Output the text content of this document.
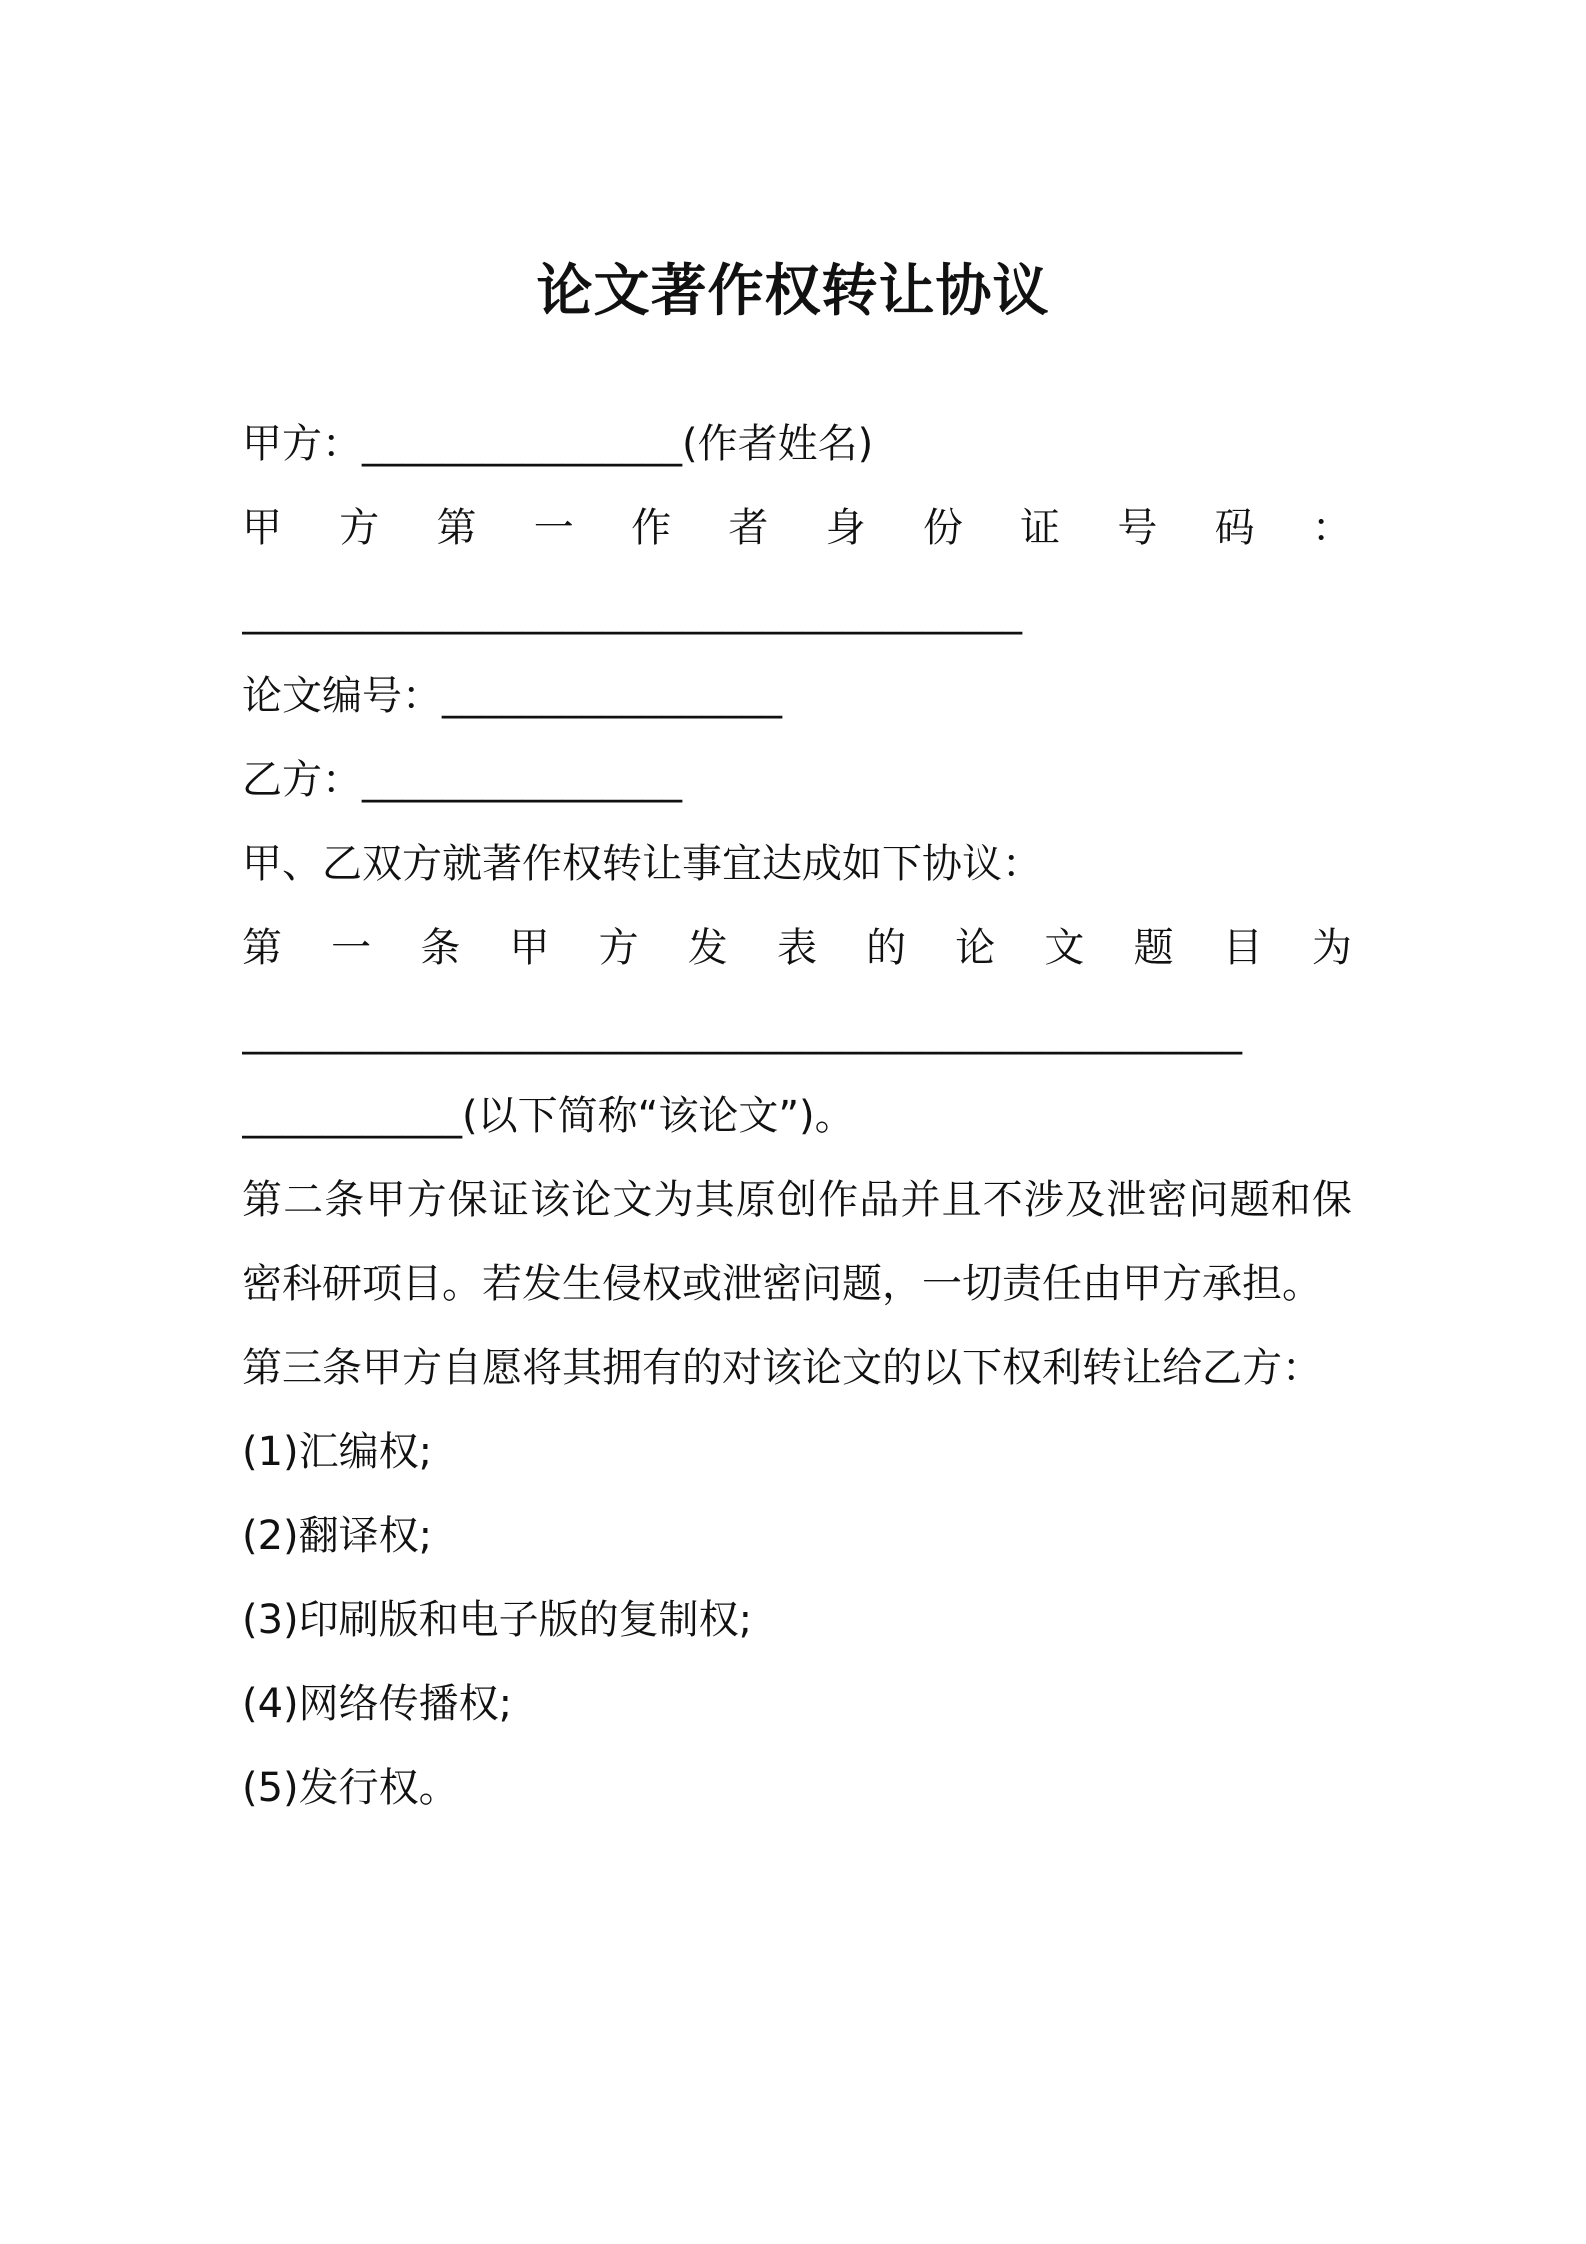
论文著作权转让协议
甲方：________________(作者姓名)
甲 方 第 一 作 者 身 份 证 号 码 ：
_______________________________________
论文编号：_________________
乙方：________________
甲、乙双方就著作权转让事宜达成如下协议：
第 一 条 甲 方 发 表 的 论 文 题 目 为
__________________________________________________
___________(以下简称“该论文”)。
第二条甲方保证该论文为其原创作品并且不涉及泄密问题和保密科研项目。若发生侵权或泄密问题，一切责任由甲方承担。
第三条甲方自愿将其拥有的对该论文的以下权利转让给乙方：
(1)汇编权;
(2)翻译权;
(3)印刷版和电子版的复制权;
(4)网络传播权;
(5)发行权。
